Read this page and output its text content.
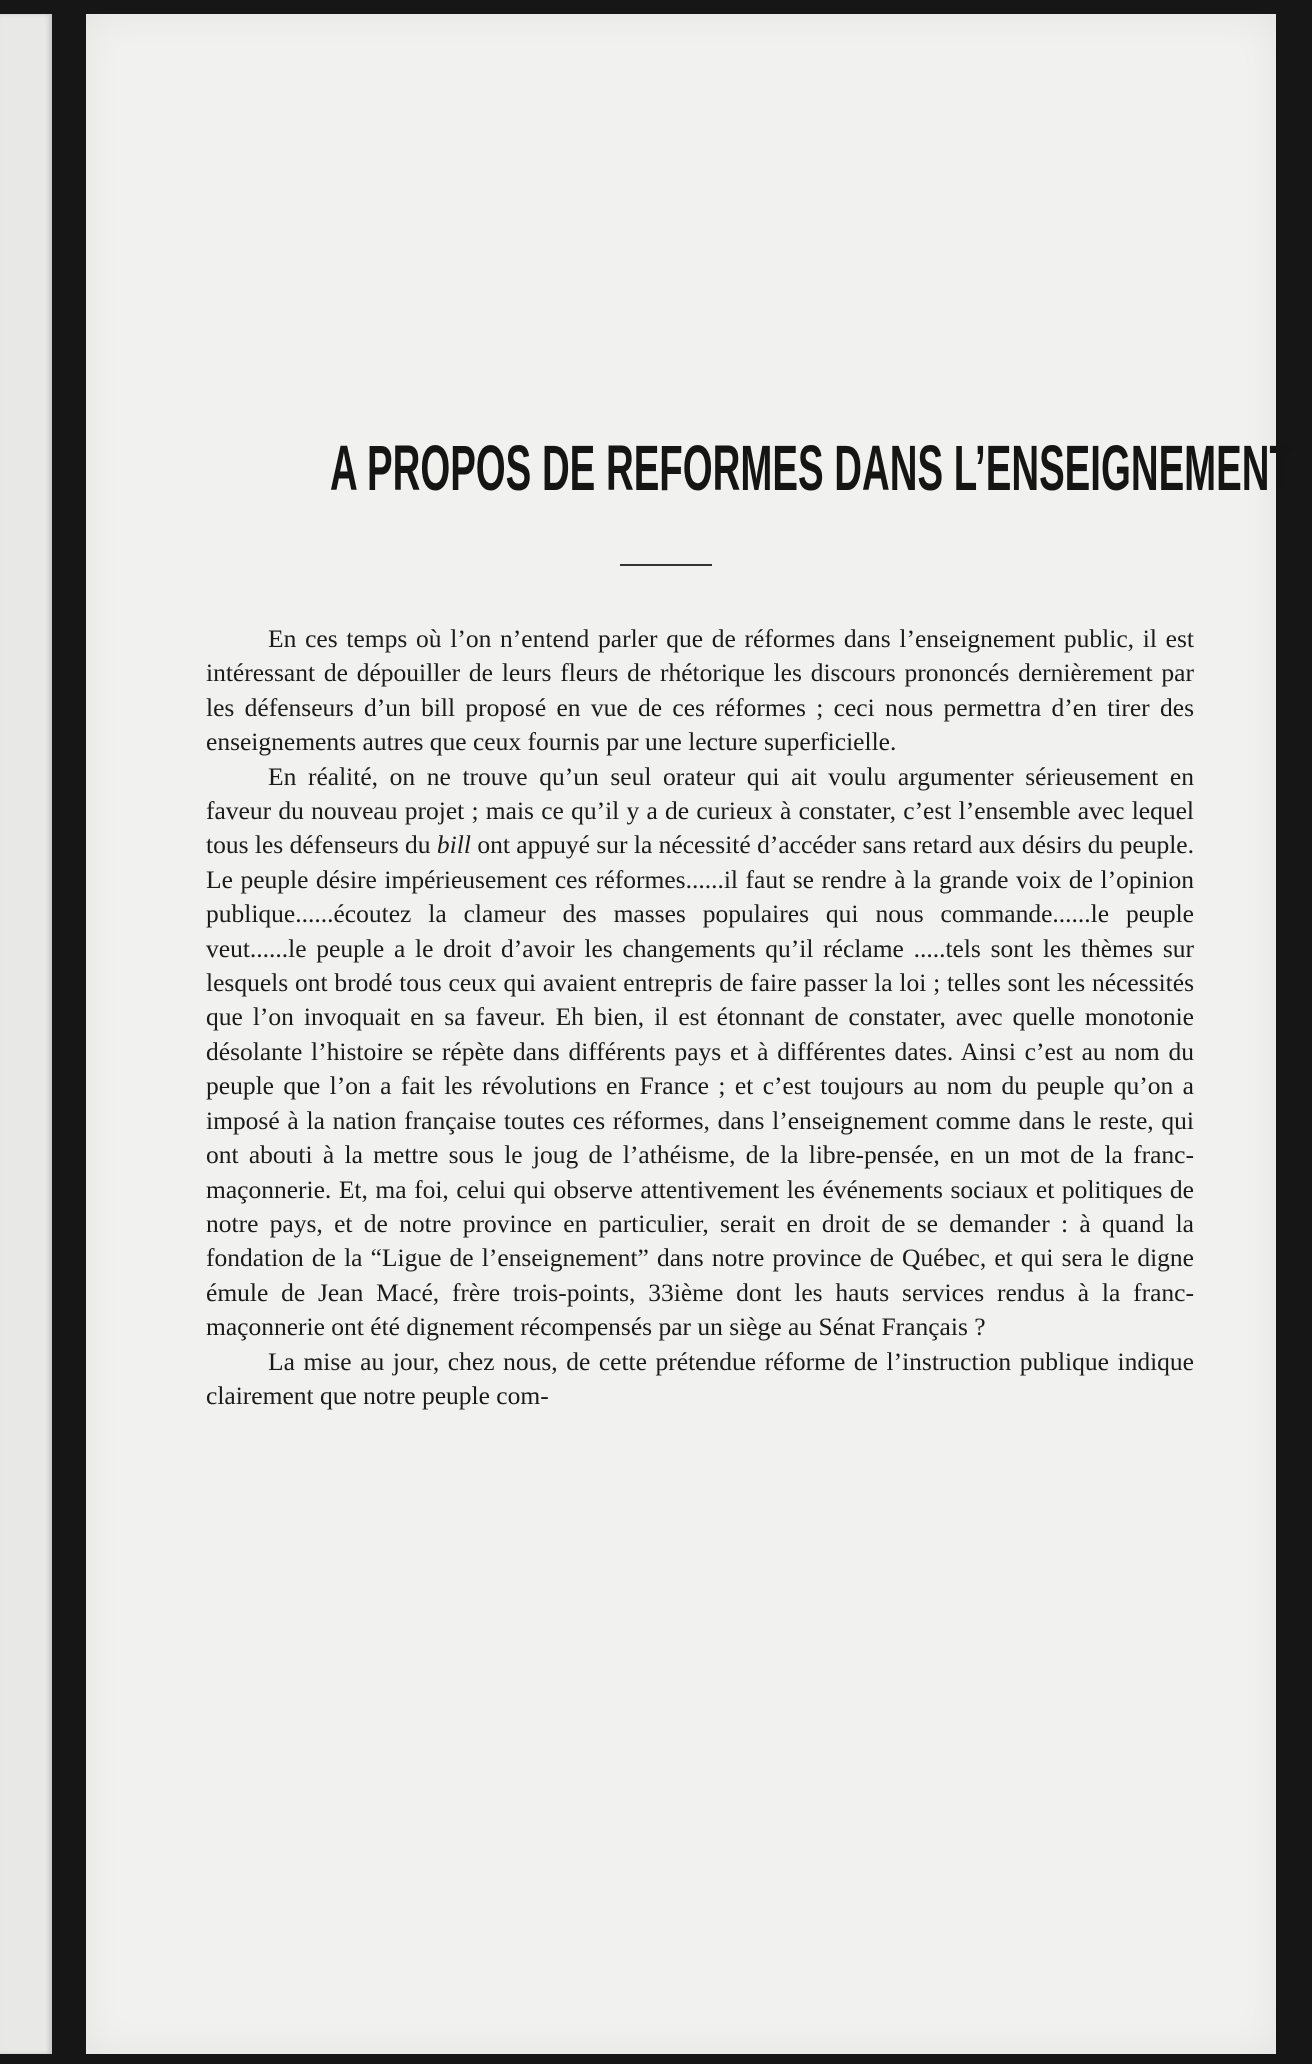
A PROPOS DE REFORMES DANS L’ENSEIGNEMENT

En ces temps où l’on n’entend parler que de réformes dans l’enseignement public, il est intéressant de dépouiller de leurs fleurs de rhétorique les discours prononcés dernièrement par les défenseurs d’un bill proposé en vue de ces réformes ; ceci nous permettra d’en tirer des enseignements autres que ceux fournis par une lecture superficielle.

En réalité, on ne trouve qu’un seul orateur qui ait voulu argumenter sérieusement en faveur du nouveau projet ; mais ce qu’il y a de curieux à constater, c’est l’ensemble avec lequel tous les défenseurs du bill ont appuyé sur la nécessité d’accéder sans retard aux désirs du peuple. Le peuple désire impérieusement ces réformes......il faut se rendre à la grande voix de l’opinion publique......écoutez la clameur des masses populaires qui nous commande......le peuple veut......le peuple a le droit d’avoir les changements qu’il réclame .....tels sont les thèmes sur lesquels ont brodé tous ceux qui avaient entrepris de faire passer la loi ; telles sont les nécessités que l’on invoquait en sa faveur. Eh bien, il est étonnant de constater, avec quelle monotonie désolante l’histoire se répète dans différents pays et à différentes dates. Ainsi c’est au nom du peuple que l’on a fait les révolutions en France ; et c’est toujours au nom du peuple qu’on a imposé à la nation française toutes ces réformes, dans l’enseignement comme dans le reste, qui ont abouti à la mettre sous le joug de l’athéisme, de la libre-pensée, en un mot de la franc-maçonnerie. Et, ma foi, celui qui observe attentivement les événements sociaux et politiques de notre pays, et de notre province en particulier, serait en droit de se demander : à quand la fondation de la “Ligue de l’enseignement” dans notre province de Québec, et qui sera le digne émule de Jean Macé, frère trois-points, 33ième dont les hauts services rendus à la franc-maçonnerie ont été dignement récompensés par un siège au Sénat Français ?

La mise au jour, chez nous, de cette prétendue réforme de l’instruction publique indique clairement que notre peuple com-
